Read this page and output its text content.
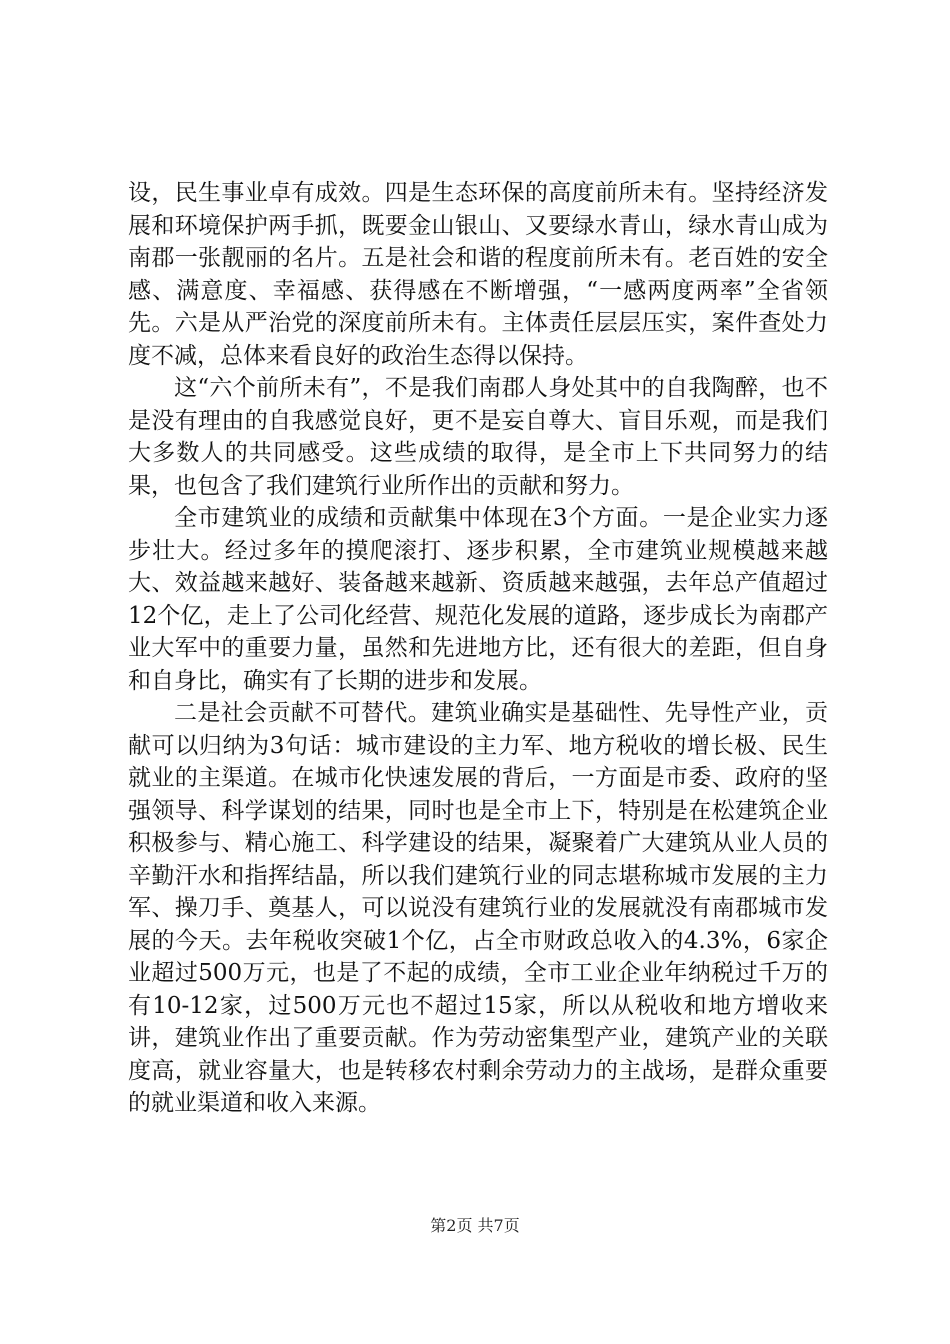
设，民生事业卓有成效。四是生态环保的高度前所未有。坚持经济发展和环境保护两手抓，既要金山银山、又要绿水青山，绿水青山成为南郡一张靓丽的名片。五是社会和谐的程度前所未有。老百姓的安全感、满意度、幸福感、获得感在不断增强，“一感两度两率”全省领先。六是从严治党的深度前所未有。主体责任层层压实，案件查处力度不减，总体来看良好的政治生态得以保持。

这“六个前所未有”，不是我们南郡人身处其中的自我陶醉，也不是没有理由的自我感觉良好，更不是妄自尊大、盲目乐观，而是我们大多数人的共同感受。这些成绩的取得，是全市上下共同努力的结果，也包含了我们建筑行业所作出的贡献和努力。

全市建筑业的成绩和贡献集中体现在3个方面。一是企业实力逐步壮大。经过多年的摸爬滚打、逐步积累，全市建筑业规模越来越大、效益越来越好、装备越来越新、资质越来越强，去年总产值超过12个亿，走上了公司化经营、规范化发展的道路，逐步成长为南郡产业大军中的重要力量，虽然和先进地方比，还有很大的差距，但自身和自身比，确实有了长期的进步和发展。

二是社会贡献不可替代。建筑业确实是基础性、先导性产业，贡献可以归纳为3句话：城市建设的主力军、地方税收的增长极、民生就业的主渠道。在城市化快速发展的背后，一方面是市委、政府的坚强领导、科学谋划的结果，同时也是全市上下，特别是在松建筑企业积极参与、精心施工、科学建设的结果，凝聚着广大建筑从业人员的辛勤汗水和指挥结晶，所以我们建筑行业的同志堪称城市发展的主力军、操刀手、奠基人，可以说没有建筑行业的发展就没有南郡城市发展的今天。去年税收突破1个亿，占全市财政总收入的4.3%，6家企业超过500万元，也是了不起的成绩，全市工业企业年纳税过千万的有10-12家，过500万元也不超过15家，所以从税收和地方增收来讲，建筑业作出了重要贡献。作为劳动密集型产业，建筑产业的关联度高，就业容量大，也是转移农村剩余劳动力的主战场，是群众重要的就业渠道和收入来源。

第2页 共7页
